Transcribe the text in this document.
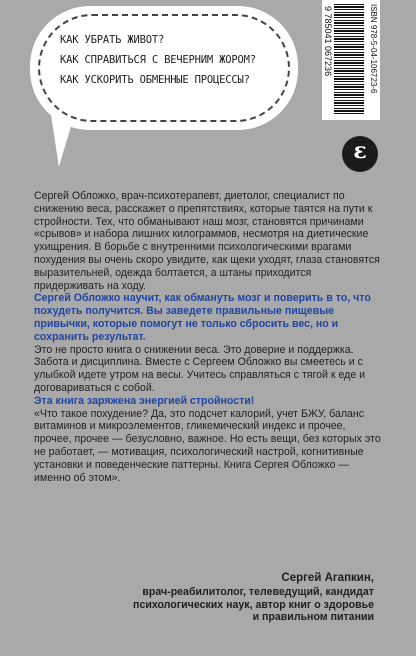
КАК УБРАТЬ ЖИВОТ?
КАК СПРАВИТЬСЯ С ВЕЧЕРНИМ ЖОРОМ?
КАК УСКОРИТЬ ОБМЕННЫЕ ПРОЦЕССЫ?	ISBN 978-5-04-106723-6
9 785041 067236
ɛ

Сергей Обложко, врач-психотерапевт, диетолог, специалист по снижению веса, расскажет о препятствиях, которые таятся на пути к стройности. Тех, что обманывают наш мозг, становятся причинами «срывов» и набора лишних килограммов, несмотря на диетические ухищрения. В борьбе с внутренними психологическими врагами похудения вы очень скоро увидите, как щеки уходят, глаза становятся выразительней, одежда болтается, а штаны приходится придерживать на ходу.

Сергей Обложко научит, как обмануть мозг и поверить в то, что похудеть получится. Вы заведете правильные пищевые привычки, которые помогут не только сбросить вес, но и сохранить результат.

Это не просто книга о снижении веса. Это доверие и поддержка. Забота и дисциплина. Вместе с Сергеем Обложко вы смеетесь и с улыбкой идете утром на весы. Учитесь справляться с тягой к еде и договариваться с собой.

Эта книга заряжена энергией стройности!

«Что такое похудение? Да, это подсчет калорий, учет БЖУ, баланс витаминов и микроэлементов, гликемический индекс и прочее, прочее, прочее — безусловно, важное. Но есть вещи, без которых это не работает, — мотивация, психологический настрой, когнитивные установки и поведенческие паттерны. Книга Сергея Обложко — именно об этом».

Сергей Агапкин,
врач-реабилитолог, телеведущий, кандидат
психологических наук, автор книг о здоровье
и правильном питании
